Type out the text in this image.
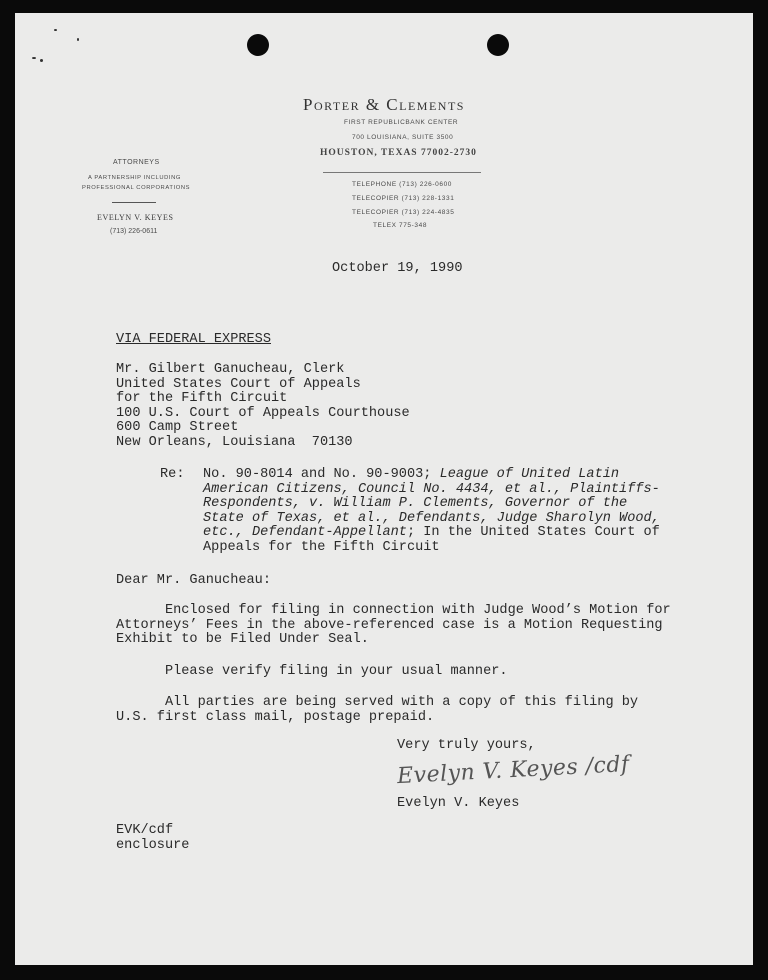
Porter & Clements
FIRST REPUBLICBANK CENTER
700 LOUISIANA, SUITE 3500
HOUSTON, TEXAS 77002-2730
TELEPHONE (713) 226-0600
TELECOPIER (713) 228-1331
TELECOPIER (713) 224-4835
TELEX 775-348
ATTORNEYS
A PARTNERSHIP INCLUDING
PROFESSIONAL CORPORATIONS
EVELYN V. KEYES
(713) 226-0611
October 19, 1990
VIA FEDERAL EXPRESS
Mr. Gilbert Ganucheau, Clerk
United States Court of Appeals
for the Fifth Circuit
100 U.S. Court of Appeals Courthouse
600 Camp Street
New Orleans, Louisiana  70130
Re: No. 90-8014 and No. 90-9003; League of United Latin
American Citizens, Council No. 4434, et al., Plaintiffs-
Respondents, v. William P. Clements, Governor of the
State of Texas, et al., Defendants, Judge Sharolyn Wood,
etc., Defendant-Appellant; In the United States Court of
Appeals for the Fifth Circuit
Dear Mr. Ganucheau:
Enclosed for filing in connection with Judge Wood’s Motion for
Attorneys’ Fees in the above-referenced case is a Motion Requesting
Exhibit to be Filed Under Seal.
Please verify filing in your usual manner.
All parties are being served with a copy of this filing by
U.S. first class mail, postage prepaid.
Very truly yours,
Evelyn V. Keyes /cdf
Evelyn V. Keyes
EVK/cdf
enclosure
